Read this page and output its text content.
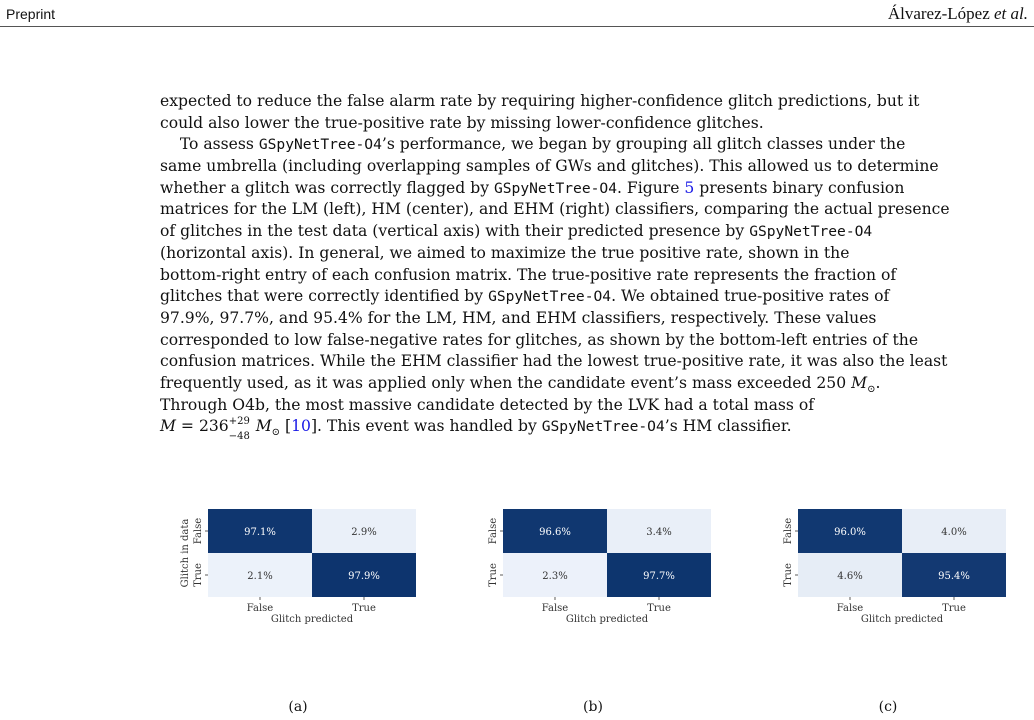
Preprint	Álvarez-López et al.
expected to reduce the false alarm rate by requiring higher-confidence glitch predictions, but it
could also lower the true-positive rate by missing lower-confidence glitches.
To assess GSpyNetTree-O4’s performance, we began by grouping all glitch classes under the
same umbrella (including overlapping samples of GWs and glitches). This allowed us to determine
whether a glitch was correctly flagged by GSpyNetTree-O4. Figure 5 presents binary confusion
matrices for the LM (left), HM (center), and EHM (right) classifiers, comparing the actual presence
of glitches in the test data (vertical axis) with their predicted presence by GSpyNetTree-O4
(horizontal axis). In general, we aimed to maximize the true positive rate, shown in the
bottom-right entry of each confusion matrix. The true-positive rate represents the fraction of
glitches that were correctly identified by GSpyNetTree-O4. We obtained true-positive rates of
97.9%, 97.7%, and 95.4% for the LM, HM, and EHM classifiers, respectively. These values
corresponded to low false-negative rates for glitches, as shown by the bottom-left entries of the
confusion matrices. While the EHM classifier had the lowest true-positive rate, it was also the least
frequently used, as it was applied only when the candidate event’s mass exceeded 250 $M_⊙$.
Through O4b, the most massive candidate detected by the LVK had a total mass of
M = 236 +29
−48
$M_⊙$ [10]. This event was handled by GSpyNetTree-O4’s HM classifier.
97.1%	2.9%
2.1%	97.9%
False
True
False	True
Glitch predicted
Glitch in data
(a)
96.6%	3.4%
2.3%	97.7%
False
True
False	True
Glitch predicted
(b)
96.0%	4.0%
4.6%	95.4%
False
True
False	True
Glitch predicted
(c)
